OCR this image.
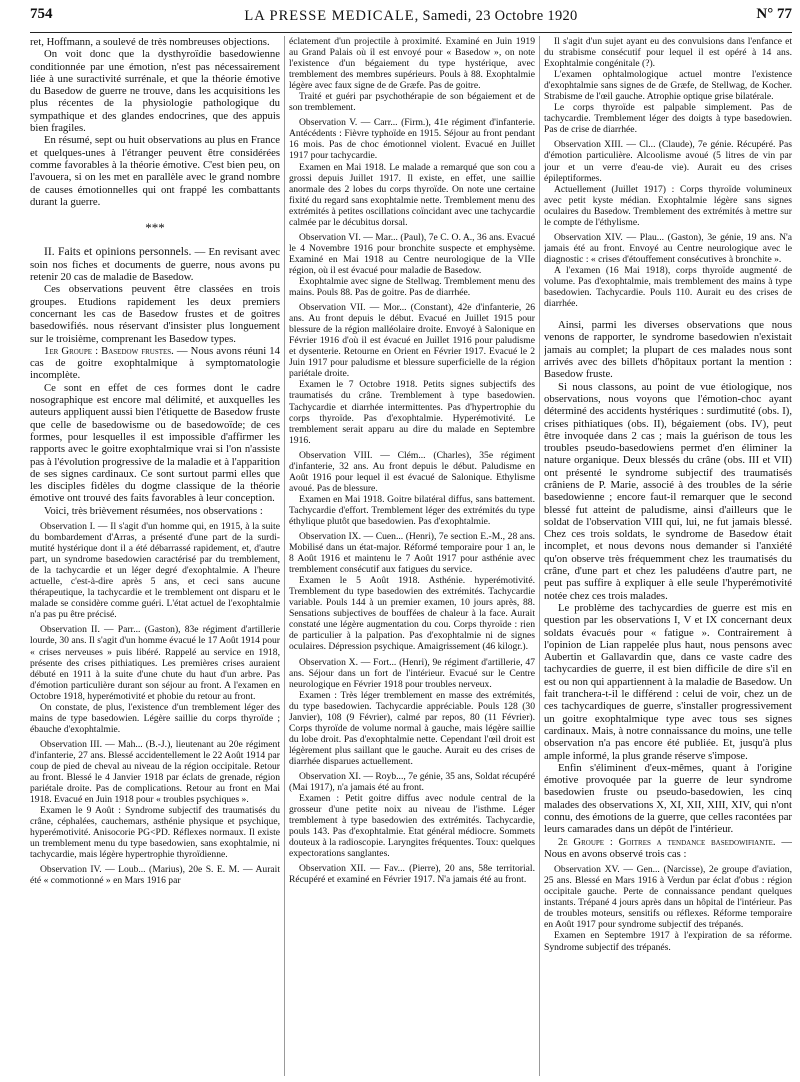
754	LA PRESSE MEDICALE, Samedi, 23 Octobre 1920	N° 77

ret, Hoffmann, a soulevé de très nombreuses objections.

On voit donc que la dysthyroïdie basedowienne conditionnée par une émotion, n'est pas nécessairement liée à une suractivité surrénale, et que la théorie émotive du Basedow de guerre ne trouve, dans les acquisitions les plus récentes de la physiologie pathologique du sympathique et des glandes endocrines, que des appuis bien fragiles.

En résumé, sept ou huit observations au plus en France et quelques-unes à l'étranger peuvent être considérées comme favorables à la théorie émotive. C'est bien peu, on l'avouera, si on les met en parallèle avec le grand nombre de causes émotionnelles qui ont frappé les combattants durant la guerre.

***

II. Faits et opinions personnels. — En revisant avec soin nos fiches et documents de guerre, nous avons pu retenir 20 cas de maladie de Basedow.

Ces observations peuvent être classées en trois groupes. Etudions rapidement les deux premiers concernant les cas de Basedow frustes et de goitres basedowifiés. nous réservant d'insister plus longuement sur le troisième, comprenant les Basedow types.

1er Groupe : Basedow frustes. — Nous avons réuni 14 cas de goitre exophtalmique à symptomatologie incomplète.

Ce sont en effet de ces formes dont le cadre nosographique est encore mal délimité, et auxquelles les auteurs appliquent aussi bien l'étiquette de Basedow fruste que celle de basedowisme ou de basedowoïde; de ces formes, pour lesquelles il est impossible d'affirmer les rapports avec le goitre exophtalmique vrai si l'on n'assiste pas à l'évolution progressive de la maladie et à l'apparition de ses signes cardinaux. Ce sont surtout parmi elles que les disciples fidèles du dogme classique de la théorie émotive ont trouvé des faits favorables à leur conception.

Voici, très brièvement résumées, nos observations :

Observation I. — Il s'agit d'un homme qui, en 1915, à la suite du bombardement d'Arras, a présenté d'une part de la surdi-mutité hystérique dont il a été débarrassé rapidement, et, d'autre part, un syndrome basedowien caractérisé par du tremblement, de la tachycardie et un léger degré d'exophtalmie. A l'heure actuelle, c'est-à-dire après 5 ans, et ceci sans aucune thérapeutique, la tachycardie et le tremblement ont disparu et le malade se considère comme guéri. L'état actuel de l'exophtalmie n'a pas pu être précisé.

Observation II. — Parr... (Gaston), 83e régiment d'artillerie lourde, 30 ans. Il s'agit d'un homme évacué le 17 Août 1914 pour « crises nerveuses » puis libéré. Rappelé au service en 1918, présente des crises pithiatiques. Les premières crises auraient débuté en 1911 à la suite d'une chute du haut d'un arbre. Pas d'émotion particulière durant son séjour au front. A l'examen en Octobre 1918, hyperémotivité et phobie du retour au front.

On constate, de plus, l'existence d'un tremblement léger des mains de type basedowien. Légère saillie du corps thyroïde ; ébauche d'exophtalmie.

Observation III. — Mah... (B.-J.), lieutenant au 20e régiment d'infanterie, 27 ans. Blessé accidentellement le 22 Août 1914 par coup de pied de cheval au niveau de la région occipitale. Retour au front. Blessé le 4 Janvier 1918 par éclats de grenade, région pariétale droite. Pas de complications. Retour au front en Mai 1918. Evacué en Juin 1918 pour « troubles psychiques ».

Examen le 9 Août : Syndrome subjectif des traumatisés du crâne, céphalées, cauchemars, asthénie physique et psychique, hyperémotivité. Anisocorie PG<PD. Réflexes normaux. Il existe un tremblement menu du type basedowien, sans exophtalmie, ni tachycardie, mais légère hypertrophie thyroïdienne.

Observation IV. — Loub... (Marius), 20e S. E. M. — Aurait été « commotionné » en Mars 1916 par

éclatement d'un projectile à proximité. Examiné en Juin 1919 au Grand Palais où il est envoyé pour « Basedow », on note l'existence d'un bégaiement du type hystérique, avec tremblement des membres supérieurs. Pouls à 88. Exophtalmie légère avec faux signe de de Græfe. Pas de goitre.

Traité et guéri par psychothérapie de son bégaiement et de son tremblement.

Observation V. — Carr... (Firm.), 41e régiment d'infanterie. Antécédents : Fièvre typhoïde en 1915. Séjour au front pendant 16 mois. Pas de choc émotionnel violent. Evacué en Juillet 1917 pour tachycardie.

Examen en Mai 1918. Le malade a remarqué que son cou a grossi depuis Juillet 1917. Il existe, en effet, une saillie anormale des 2 lobes du corps thyroïde. On note une certaine fixité du regard sans exophtalmie nette. Tremblement menu des extrémités à petites oscillations coïncidant avec une tachycardie calmée par le décubitus dorsal.

Observation VI. — Mar... (Paul), 7e C. O. A., 36 ans. Evacué le 4 Novembre 1916 pour bronchite suspecte et emphysème. Examiné en Mai 1918 au Centre neurologique de la VIIe région, où il est évacué pour maladie de Basedow.

Exophtalmie avec signe de Stellwag. Tremblement menu des mains. Pouls 88. Pas de goitre. Pas de diarrhée.

Observation VII. — Mor... (Constant), 42e d'infanterie, 26 ans. Au front depuis le début. Evacué en Juillet 1915 pour blessure de la région malléolaire droite. Envoyé à Salonique en Février 1916 d'où il est évacué en Juillet 1916 pour paludisme et dysenterie. Retourne en Orient en Février 1917. Evacué le 2 Juin 1917 pour paludisme et blessure superficielle de la région pariétale droite.

Examen le 7 Octobre 1918. Petits signes subjectifs des traumatisés du crâne. Tremblement à type basedowien. Tachycardie et diarrhée intermittentes. Pas d'hypertrophie du corps thyroïde. Pas d'exophtalmie. Hyperémotivité. Le tremblement serait apparu au dire du malade en Septembre 1916.

Observation VIII. — Clém... (Charles), 35e régiment d'infanterie, 32 ans. Au front depuis le début. Paludisme en Août 1916 pour lequel il est évacué de Salonique. Ethylisme avoué. Pas de blessure.

Examen en Mai 1918. Goitre bilatéral diffus, sans battement. Tachycardie d'effort. Tremblement léger des extrémités du type éthylique plutôt que basedowien. Pas d'exophtalmie.

Observation IX. — Cuen... (Henri), 7e section E.-M., 28 ans. Mobilisé dans un état-major. Réformé temporaire pour 1 an, le 8 Août 1916 et maintenu le 7 Août 1917 pour asthénie avec tremblement consécutif aux fatigues du service.

Examen le 5 Août 1918. Asthénie. hyperémotivité. Tremblement du type basedowien des extrémités. Tachycardie variable. Pouls 144 à un premier examen, 10 jours après, 88. Sensations subjectives de bouffées de chaleur à la face. Aurait constaté une légère augmentation du cou. Corps thyroïde : rien de particulier à la palpation. Pas d'exophtalmie ni de signes oculaires. Dépression psychique. Amaigrissement (46 kilogr.).

Observation X. — Fort... (Henri), 9e régiment d'artillerie, 47 ans. Séjour dans un fort de l'intérieur. Evacué sur le Centre neurologique en Février 1918 pour troubles nerveux.

Examen : Très léger tremblement en masse des extrémités, du type basedowien. Tachycardie appréciable. Pouls 128 (30 Janvier), 108 (9 Février), calmé par repos, 80 (11 Février). Corps thyroïde de volume normal à gauche, mais légère saillie du lobe droit. Pas d'exophtalmie nette. Cependant l'œil droit est légèrement plus saillant que le gauche. Aurait eu des crises de diarrhée disparues actuellement.

Observation XI. — Royb..., 7e génie, 35 ans, Soldat récupéré (Mai 1917), n'a jamais été au front.

Examen : Petit goitre diffus avec nodule central de la grosseur d'une petite noix au niveau de l'isthme. Léger tremblement à type basedowien des extrémités. Tachycardie, pouls 143. Pas d'exophtalmie. Etat général médiocre. Sommets douteux à la radioscopie. Laryngites fréquentes. Toux: quelques expectorations sanglantes.

Observation XII. — Fav... (Pierre), 20 ans, 58e territorial. Récupéré et examiné en Février 1917. N'a jamais été au front.

Il s'agit d'un sujet ayant eu des convulsions dans l'enfance et du strabisme consécutif pour lequel il est opéré à 14 ans. Exophtalmie congénitale (?).

L'examen ophtalmologique actuel montre l'existence d'exophtalmie sans signes de de Græfe, de Stellwag, de Kocher. Strabisme de l'œil gauche. Atrophie optique grise bilatérale.

Le corps thyroïde est palpable simplement. Pas de tachycardie. Tremblement léger des doigts à type basedowien. Pas de crise de diarrhée.

Observation XIII. — Cl... (Claude), 7e génie. Récupéré. Pas d'émotion particulière. Alcoolisme avoué (5 litres de vin par jour et un verre d'eau-de vie). Aurait eu des crises épileptiformes.

Actuellement (Juillet 1917) : Corps thyroïde volumineux avec petit kyste médian. Exophtalmie légère sans signes oculaires du Basedow. Tremblement des extrémités à mettre sur le compte de l'éthylisme.

Observation XIV. — Plau... (Gaston), 3e génie, 19 ans. N'a jamais été au front. Envoyé au Centre neurologique avec le diagnostic : « crises d'étouffement consécutives à bronchite ».

A l'examen (16 Mai 1918), corps thyroïde augmenté de volume. Pas d'exophtalmie, mais tremblement des mains à type basedowien. Tachycardie. Pouls 110. Aurait eu des crises de diarrhée.

Ainsi, parmi les diverses observations que nous venons de rapporter, le syndrome basedowien n'existait jamais au complet; la plupart de ces malades nous sont arrivés avec des billets d'hôpitaux portant la mention : Basedow fruste.

Si nous classons, au point de vue étiologique, nos observations, nous voyons que l'émotion-choc ayant déterminé des accidents hystériques : surdimutité (obs. I), crises pithiatiques (obs. II), bégaiement (obs. IV), peut être invoquée dans 2 cas ; mais la guérison de tous les troubles pseudo-basedowiens permet d'en éliminer la nature organique. Deux blessés du crâne (obs. III et VII) ont présenté le syndrome subjectif des traumatisés crâniens de P. Marie, associé à des troubles de la série basedowienne ; encore faut-il remarquer que le second blessé fut atteint de paludisme, ainsi d'ailleurs que le soldat de l'observation VIII qui, lui, ne fut jamais blessé. Chez ces trois soldats, le syndrome de Basedow était incomplet, et nous devons nous demander si l'anxiété qu'on observe très fréquemment chez les traumatisés du crâne, d'une part et chez les paludéens d'autre part, ne peut pas suffire à expliquer à elle seule l'hyperémotivité notée chez ces trois malades.

Le problème des tachycardies de guerre est mis en question par les observations I, V et IX concernant deux soldats évacués pour « fatigue ». Contrairement à l'opinion de Lian rappelée plus haut, nous pensons avec Aubertin et Gallavardin que, dans ce vaste cadre des tachycardies de guerre, il est bien difficile de dire s'il en est ou non qui appartiennent à la maladie de Basedow. Un fait tranchera-t-il le différend : celui de voir, chez un de ces tachycardiques de guerre, s'installer progressivement un goitre exophtalmique type avec tous ses signes cardinaux. Mais, à notre connaissance du moins, une telle observation n'a pas encore été publiée. Et, jusqu'à plus ample informé, la plus grande réserve s'impose.

Enfin s'éliminent d'eux-mêmes, quant à l'origine émotive provoquée par la guerre de leur syndrome basedowien fruste ou pseudo-basedowien, les cinq malades des observations X, XI, XII, XIII, XIV, qui n'ont connu, des émotions de la guerre, que celles racontées par leurs camarades dans un dépôt de l'intérieur.

2e Groupe : Goitres a tendance basedowifiante. — Nous en avons observé trois cas :

Observation XV. — Gen... (Narcisse), 2e groupe d'aviation, 25 ans. Blessé en Mars 1916 à Verdun par éclat d'obus : région occipitale gauche. Perte de connaissance pendant quelques instants. Trépané 4 jours après dans un hôpital de l'intérieur. Pas de troubles moteurs, sensitifs ou réflexes. Réforme temporaire en Août 1917 pour syndrome subjectif des trépanés.

Examen en Septembre 1917 à l'expiration de sa réforme. Syndrome subjectif des trépanés.
